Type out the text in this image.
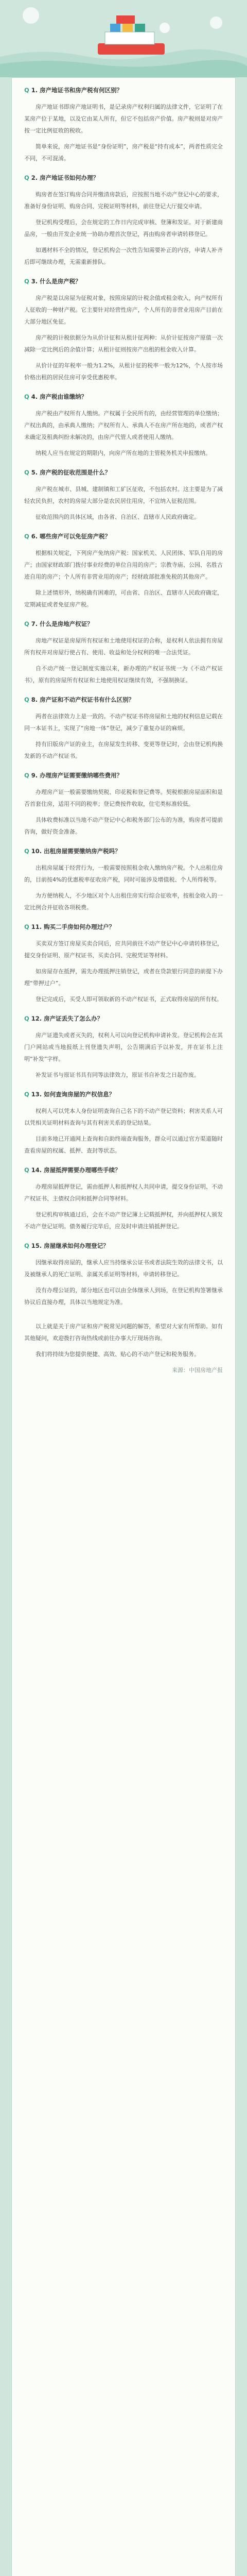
Q 1. 房产地证书和房产税有何区别？

房产地证书即房产地证明书，是记录房产权利归属的法律文件，它证明了在某房产位于某地，以及它由某人所有，但它不包括房产价值。房产税则是对房产按一定比例征收的税收。

简单来说，房产地证书是“身份证明”，房产税是“持有成本”，两者性质完全不同，不可混淆。

Q 2. 房产地证书如何办理？

购房者在签订购房合同并缴清房款后，应按照当地不动产登记中心的要求，准备好身份证明、购房合同、完税证明等材料，前往登记大厅提交申请。

登记机构受理后，会在规定的工作日内完成审核、登簿和发证。对于新建商品房，一般由开发企业统一协助办理首次登记，再由购房者申请转移登记。

如遇材料不全的情况，登记机构会一次性告知需要补正的内容，申请人补齐后即可继续办理，无需重新排队。

Q 3. 什么是房产税？

房产税是以房屋为征税对象，按照房屋的计税余值或租金收入，向产权所有人征收的一种财产税。它主要针对经营性房产，个人所有的非营业用房产目前在大部分地区免征。

房产税的计税依据分为从价计征和从租计征两种：从价计征按房产原值一次减除一定比例后的余值计算；从租计征则按房产出租的租金收入计算。

从价计征的年税率一般为1.2%，从租计征的税率一般为12%，个人按市场价格出租的居民住房可享受优惠税率。

Q 4. 房产税由谁缴纳？

房产税由产权所有人缴纳。产权属于全民所有的，由经营管理的单位缴纳；产权出典的，由承典人缴纳；产权所有人、承典人不在房产所在地的，或者产权未确定及租典纠纷未解决的，由房产代管人或者使用人缴纳。

纳税人应当在规定的期限内，向房产所在地的主管税务机关申报缴纳。

Q 5. 房产税的征收范围是什么？

房产税在城市、县城、建制镇和工矿区征收，不包括农村。这主要是为了减轻农民负担，农村的房屋大部分是农民居住用房，不宜纳入征税范围。

征收范围内的具体区域，由各省、自治区、直辖市人民政府确定。

Q 6. 哪些房产可以免征房产税？

根据相关规定，下列房产免纳房产税：国家机关、人民团体、军队自用的房产；由国家财政部门拨付事业经费的单位自用的房产；宗教寺庙、公园、名胜古迹自用的房产；个人所有非营业用的房产；经财政部批准免税的其他房产。

除上述情形外，纳税确有困难的，可由省、自治区、直辖市人民政府确定，定期减征或者免征房产税。

Q 7. 什么是房地产权证？

房地产权证是房屋所有权证和土地使用权证的合称，是权利人依法拥有房屋所有权并对房屋行使占有、使用、收益和处分权利的唯一合法凭证。

自不动产统一登记制度实施以来，新办理的产权证书统一为《不动产权证书》，原有的房屋所有权证和土地使用权证继续有效，不强制换证。

Q 8. 房产证和不动产权证书有什么区别？

两者在法律效力上是一致的。不动产权证书将房屋和土地的权利信息记载在同一本证书上，实现了“房地一体”登记，减少了重复办证的麻烦。

持有旧版房产证的业主，在房屋发生转移、变更等登记时，会由登记机构换发新的不动产权证书。

Q 9. 办理房产证需要缴纳哪些费用？

办理房产证一般需要缴纳契税、印花税和登记费等。契税根据房屋面积和是否首套住房，适用不同的税率；登记费按件收取，住宅类标准较低。

具体收费标准以当地不动产登记中心和税务部门公布的为准，购房者可提前咨询，做好资金准备。

Q 10. 出租房屋需要缴纳房产税吗？

出租房屋属于经营行为，一般需要按照租金收入缴纳房产税。个人出租住房的，目前按4%的优惠税率征收房产税，同时可能涉及增值税、个人所得税等。

为方便纳税人，不少地区对个人出租住房实行综合征收率，按租金收入的一定比例合并征收各项税费。

Q 11. 购买二手房如何办理过户？

买卖双方签订房屋买卖合同后，应共同前往不动产登记中心申请转移登记，提交身份证明、原产权证书、买卖合同、完税凭证等材料。

如房屋存在抵押，需先办理抵押注销登记，或者在贷款银行同意的前提下办理“带押过户”。

登记完成后，买受人即可领取新的不动产权证书，正式取得房屋的所有权。

Q 12. 房产证丢失了怎么办？

房产证遗失或者灭失的，权利人可以向登记机构申请补发。登记机构会在其门户网站或当地报纸上刊登遗失声明，公告期满后予以补发，并在证书上注明“补发”字样。

补发证书与原证书具有同等法律效力，原证书自补发之日起作废。

Q 13. 如何查询房屋的产权信息？

权利人可以凭本人身份证明查询自己名下的不动产登记资料；利害关系人可以凭相关证明材料查询与其有利害关系的登记结果。

目前多地已开通网上查询和自助终端查询服务，群众可以通过官方渠道随时查看房屋的权属、抵押、查封等状态。

Q 14. 房屋抵押需要办理哪些手续？

办理房屋抵押登记，需由抵押人和抵押权人共同申请，提交身份证明、不动产权证书、主债权合同和抵押合同等材料。

登记机构审核通过后，会在不动产登记簿上记载抵押权，并向抵押权人颁发不动产登记证明。债务履行完毕后，应及时申请注销抵押登记。

Q 15. 房屋继承如何办理登记？

因继承取得房屋的，继承人应当持继承公证书或者法院生效的法律文书，以及被继承人的死亡证明、亲属关系证明等材料，申请转移登记。

没有办理公证的，部分地区也可以由全体继承人到场，在登记机构签署继承协议后直接办理，具体以当地规定为准。

以上就是关于房产证和房产税常见问题的解答，希望对大家有所帮助。如有其他疑问，欢迎拨打咨询热线或前往办事大厅现场咨询。

我们将持续为您提供便捷、高效、贴心的不动产登记和税务服务。

来源：中国房地产报
